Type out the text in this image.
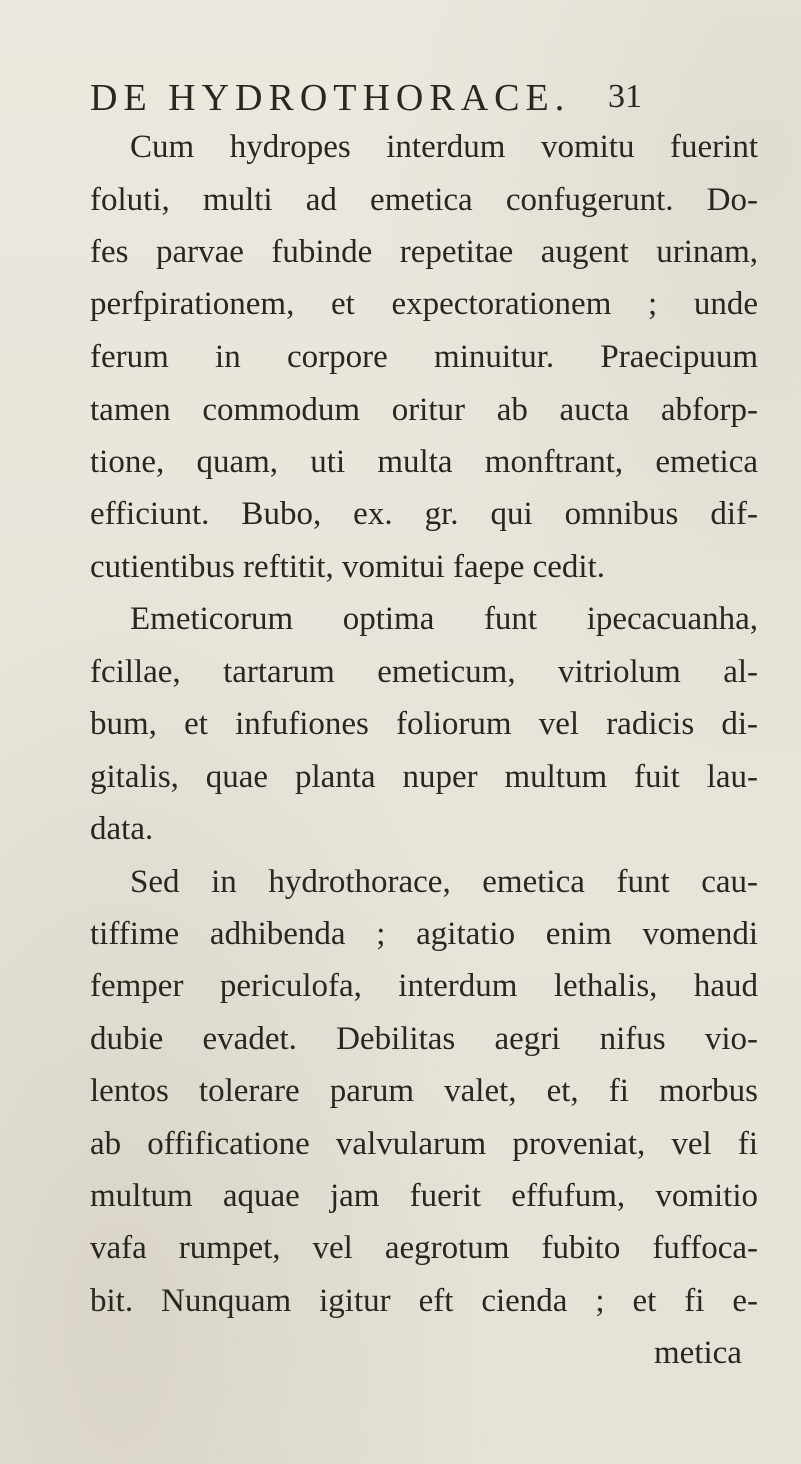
DE HYDROTHORACE. 31
Cum hydropes interdum vomitu fuerint
foluti, multi ad emetica confugerunt. Do-
fes parvae fubinde repetitae augent urinam,
perfpirationem, et expectorationem ; unde
ferum in corpore minuitur. Praecipuum
tamen commodum oritur ab aucta abforp-
tione, quam, uti multa monftrant, emetica
efficiunt. Bubo, ex. gr. qui omnibus dif-
cutientibus reftitit, vomitui faepe cedit.
Emeticorum optima funt ipecacuanha,
fcillae, tartarum emeticum, vitriolum al-
bum, et infufiones foliorum vel radicis di-
gitalis, quae planta nuper multum fuit lau-
data.
Sed in hydrothorace, emetica funt cau-
tiffime adhibenda ; agitatio enim vomendi
femper periculofa, interdum lethalis, haud
dubie evadet. Debilitas aegri nifus vio-
lentos tolerare parum valet, et, fi morbus
ab offificatione valvularum proveniat, vel fi
multum aquae jam fuerit effufum, vomitio
vafa rumpet, vel aegrotum fubito fuffoca-
bit. Nunquam igitur eft cienda ; et fi e-
metica
